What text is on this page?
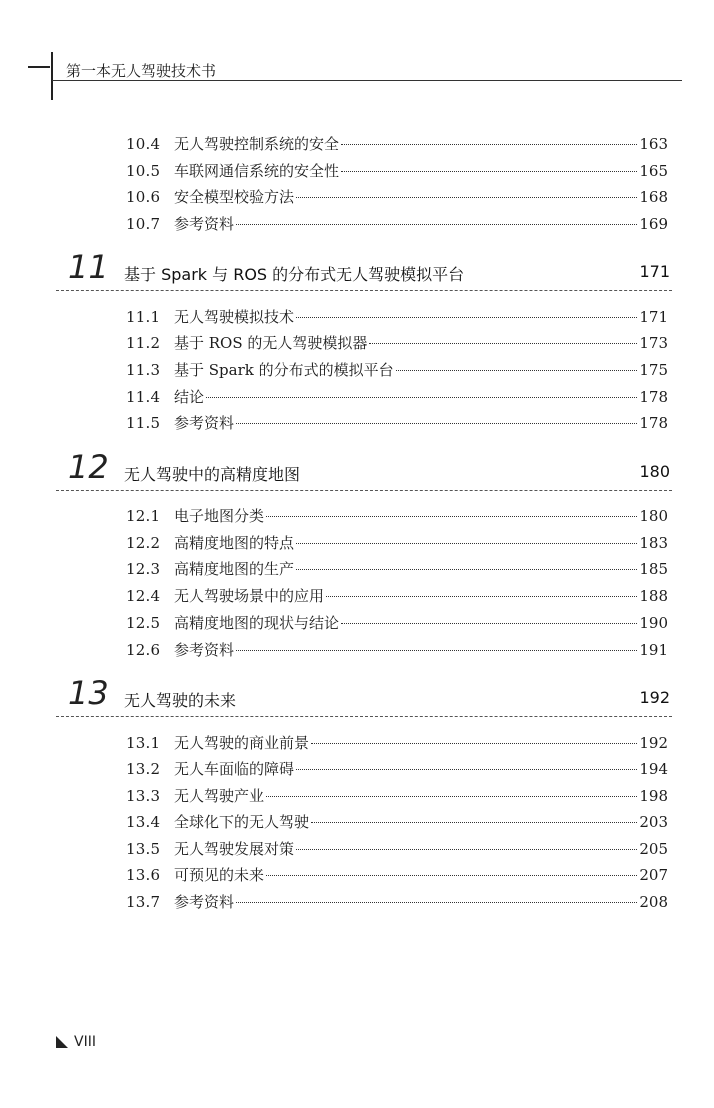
第一本无人驾驶技术书
10.4 无人驾驶控制系统的安全	163
10.5 车联网通信系统的安全性	165
10.6 安全模型校验方法	168
10.7 参考资料	169
11 基于 Spark 与 ROS 的分布式无人驾驶模拟平台	171
11.1 无人驾驶模拟技术	171
11.2 基于 ROS 的无人驾驶模拟器	173
11.3 基于 Spark 的分布式的模拟平台	175
11.4 结论	178
11.5 参考资料	178
12 无人驾驶中的高精度地图	180
12.1 电子地图分类	180
12.2 高精度地图的特点	183
12.3 高精度地图的生产	185
12.4 无人驾驶场景中的应用	188
12.5 高精度地图的现状与结论	190
12.6 参考资料	191
13 无人驾驶的未来	192
13.1 无人驾驶的商业前景	192
13.2 无人车面临的障碍	194
13.3 无人驾驶产业	198
13.4 全球化下的无人驾驶	203
13.5 无人驾驶发展对策	205
13.6 可预见的未来	207
13.7 参考资料	208
VIII
